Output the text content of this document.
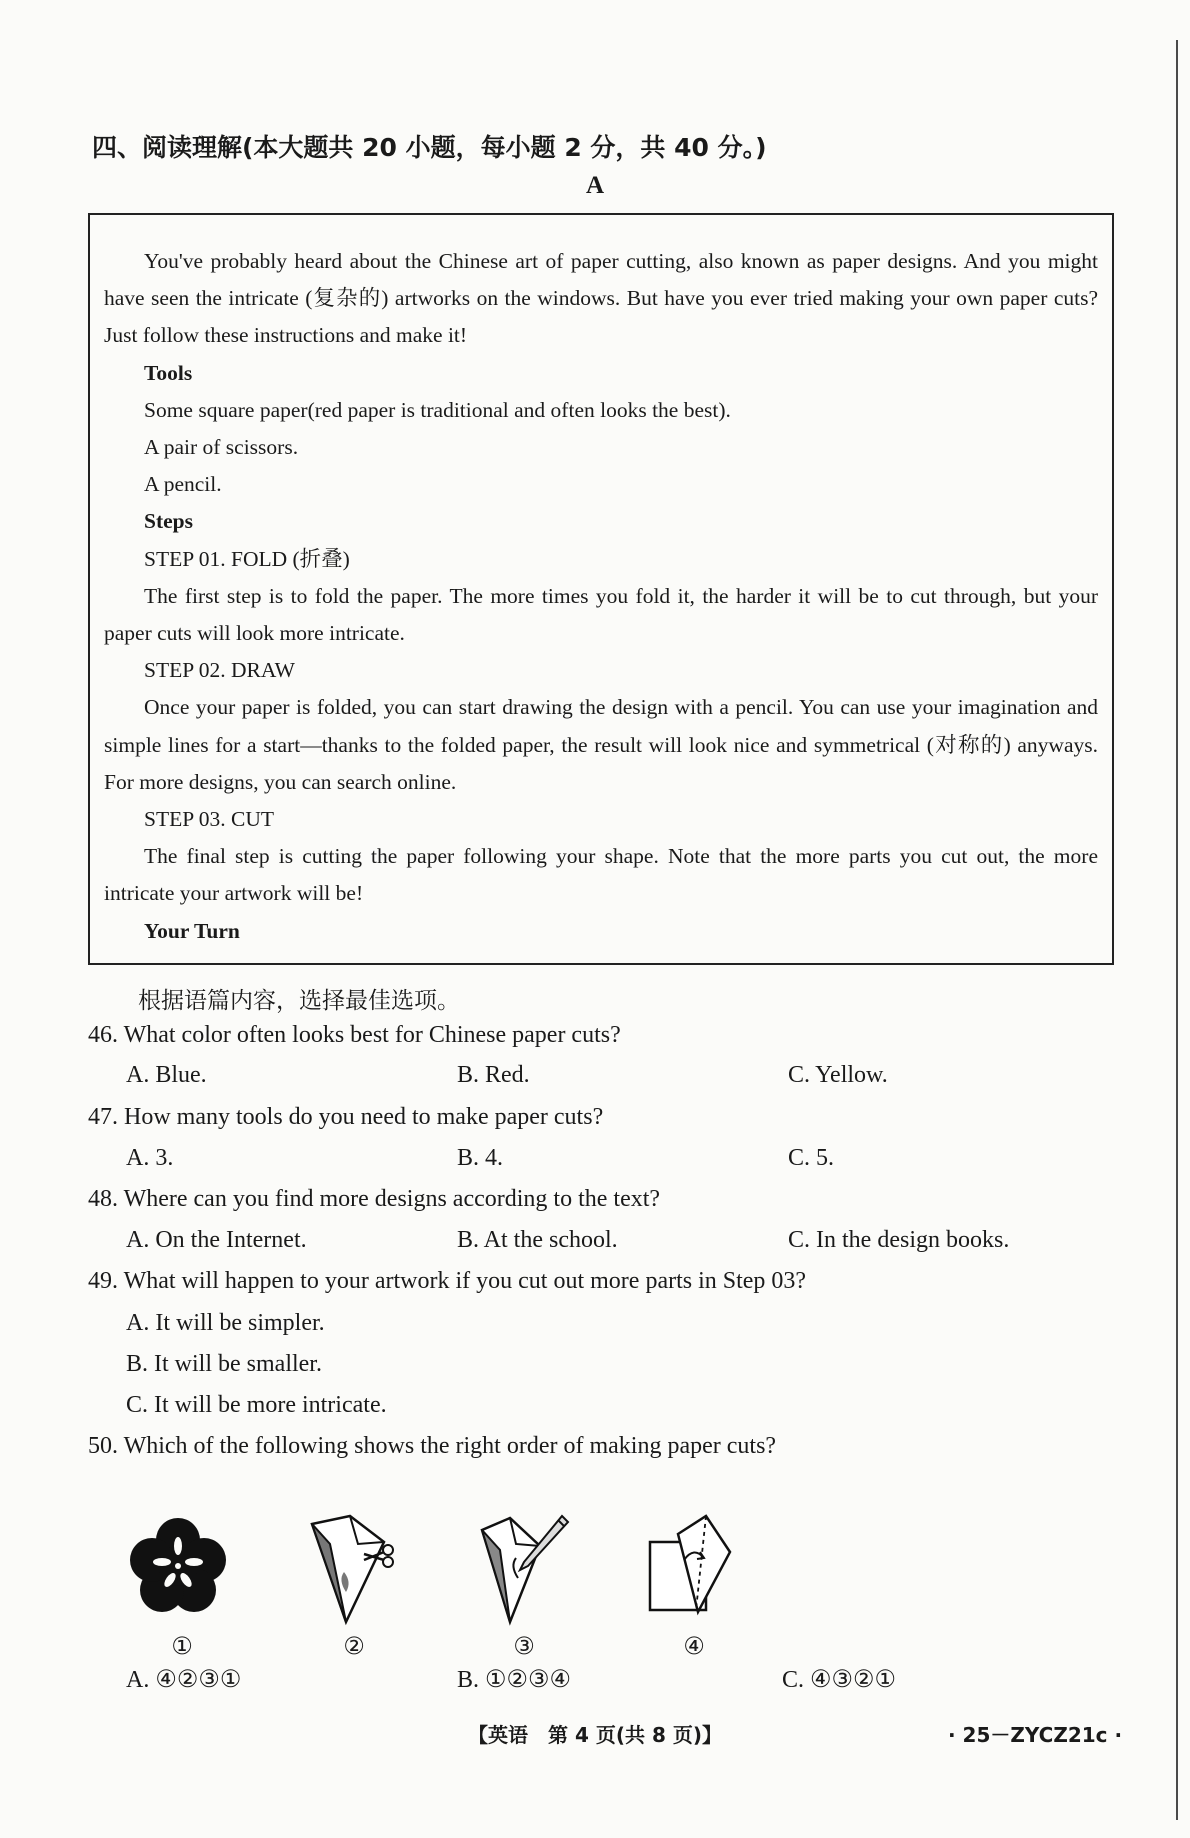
四、阅读理解(本大题共 20 小题，每小题 2 分，共 40 分。)
A

You've probably heard about the Chinese art of paper cutting, also known as paper designs. And you might have seen the intricate (复杂的) artworks on the windows. But have you ever tried making your own paper cuts? Just follow these instructions and make it!

Tools

Some square paper(red paper is traditional and often looks the best).

A pair of scissors.

A pencil.

Steps

STEP 01. FOLD (折叠)

The first step is to fold the paper. The more times you fold it, the harder it will be to cut through, but your paper cuts will look more intricate.

STEP 02. DRAW

Once your paper is folded, you can start drawing the design with a pencil. You can use your imagination and simple lines for a start—thanks to the folded paper, the result will look nice and symmetrical (对称的) anyways. For more designs, you can search online.

STEP 03. CUT

The final step is cutting the paper following your shape. Note that the more parts you cut out, the more intricate your artwork will be!

Your Turn

根据语篇内容，选择最佳选项。
46. What color often looks best for Chinese paper cuts?
A. Blue.	B. Red.	C. Yellow.
47. How many tools do you need to make paper cuts?
A. 3.	B. 4.	C. 5.
48. Where can you find more designs according to the text?
A. On the Internet.	B. At the school.	C. In the design books.
49. What will happen to your artwork if you cut out more parts in Step 03?
A. It will be simpler.
B. It will be smaller.
C. It will be more intricate.
50. Which of the following shows the right order of making paper cuts?
①	②	③	④
A. ④②③①	B. ①②③④	C. ④③②①
【英语　第 4 页(共 8 页)】	· 25－ZYCZ21c ·
